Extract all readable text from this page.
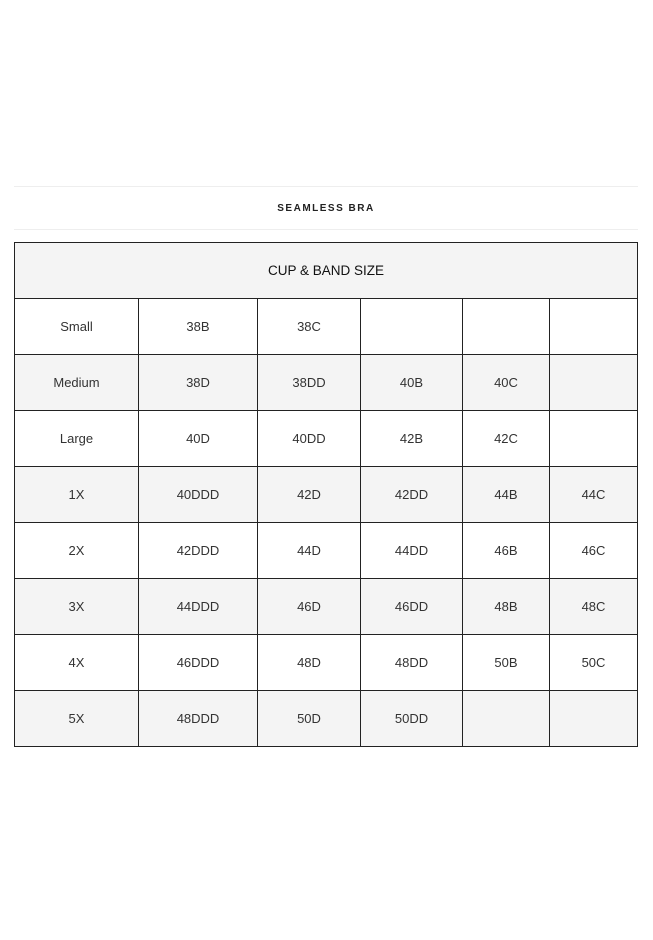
SEAMLESS BRA
CUP & BAND SIZE					
Small	38B	38C			
Medium	38D	38DD	40B	40C	
Large	40D	40DD	42B	42C	
1X	40DDD	42D	42DD	44B	44C
2X	42DDD	44D	44DD	46B	46C
3X	44DDD	46D	46DD	48B	48C
4X	46DDD	48D	48DD	50B	50C
5X	48DDD	50D	50DD		
